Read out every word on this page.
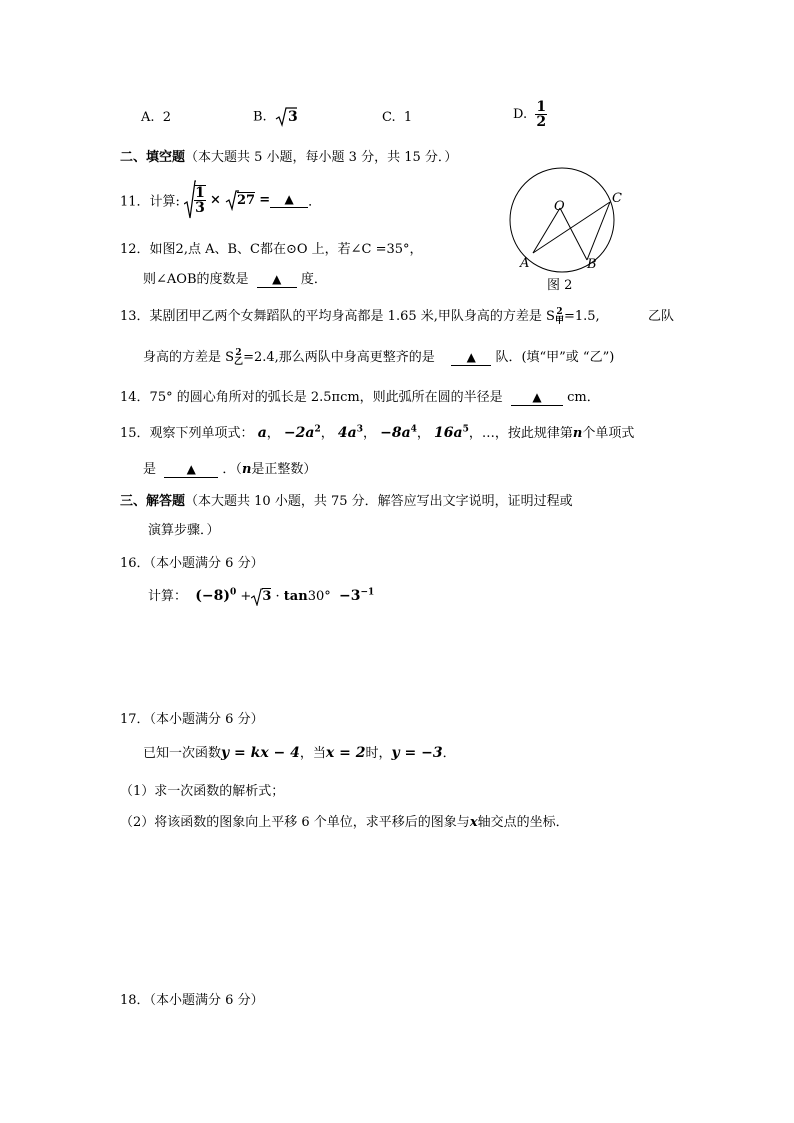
A. 2	B. 3	C. 1	D. $\frac{1}{2}$
二、填空题（本大题共 5 小题，每小题 3 分，共 15 分．）
11．计算: $\frac{1}{3} \times 27$ = ▲ ．
12．如图2,点 A、B、C都在⊙O 上，若∠C =35°，
则∠AOB的度数是 ▲ 度．
O
C
A	B
图 2
13．某剧团甲乙两个女舞蹈队的平均身高都是 1.65 米,甲队身高的方差是 S 2
甲 =1.5,	乙队
身高的方差是 S 2
乙 =2.4,那么两队中身高更整齐的是	▲ 队．(填“甲”或 “乙”)
14．75° 的圆心角所对的弧长是 2.5πcm，则此弧所在圆的半径是 ▲ cm．
15．观察下列单项式： a， $-2a^2$， $4a^3$， $-8a^4$， $16a^5$，…，按此规律第n个单项式
是	▲ ．（n是正整数）
三、解答题（本大题共 10 小题，共 75 分．解答应写出文字说明，证明过程或
演算步骤．）
16．（本小题满分 6 分）
计算： $(-8)^0 + 3 \cdot \tan 30^\circ -3^{-1}$
17．（本小题满分 6 分）
已知一次函数y = kx − 4，当x = 2时，y = −3．
（1）求一次函数的解析式；
（2）将该函数的图象向上平移 6 个单位，求平移后的图象与x轴交点的坐标．
18．（本小题满分 6 分）
